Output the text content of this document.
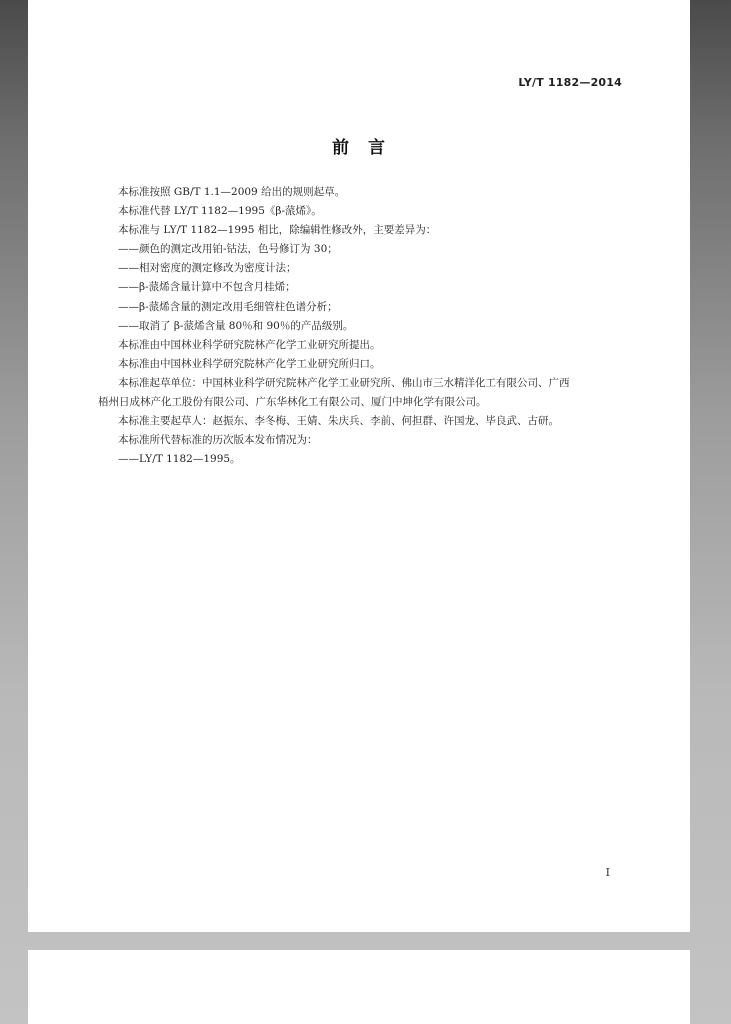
LY/T 1182—2014
前　言
本标准按照 GB/T 1.1—2009 给出的规则起草。
本标准代替 LY/T 1182—1995《β-蒎烯》。
本标准与 LY/T 1182—1995 相比，除编辑性修改外，主要差异为：
——颜色的测定改用铂-钴法，色号修订为 30；
——相对密度的测定修改为密度计法；
——β-蒎烯含量计算中不包含月桂烯；
——β-蒎烯含量的测定改用毛细管柱色谱分析；
——取消了 β-蒎烯含量 80％和 90％的产品级别。
本标准由中国林业科学研究院林产化学工业研究所提出。
本标准由中国林业科学研究院林产化学工业研究所归口。
本标准起草单位：中国林业科学研究院林产化学工业研究所、佛山市三水精洋化工有限公司、广西
梧州日成林产化工股份有限公司、广东华林化工有限公司、厦门中坤化学有限公司。
本标准主要起草人：赵振东、李冬梅、王婧、朱庆兵、李前、何担群、许国龙、毕良武、古研。
本标准所代替标准的历次版本发布情况为：
——LY/T 1182—1995。
I
